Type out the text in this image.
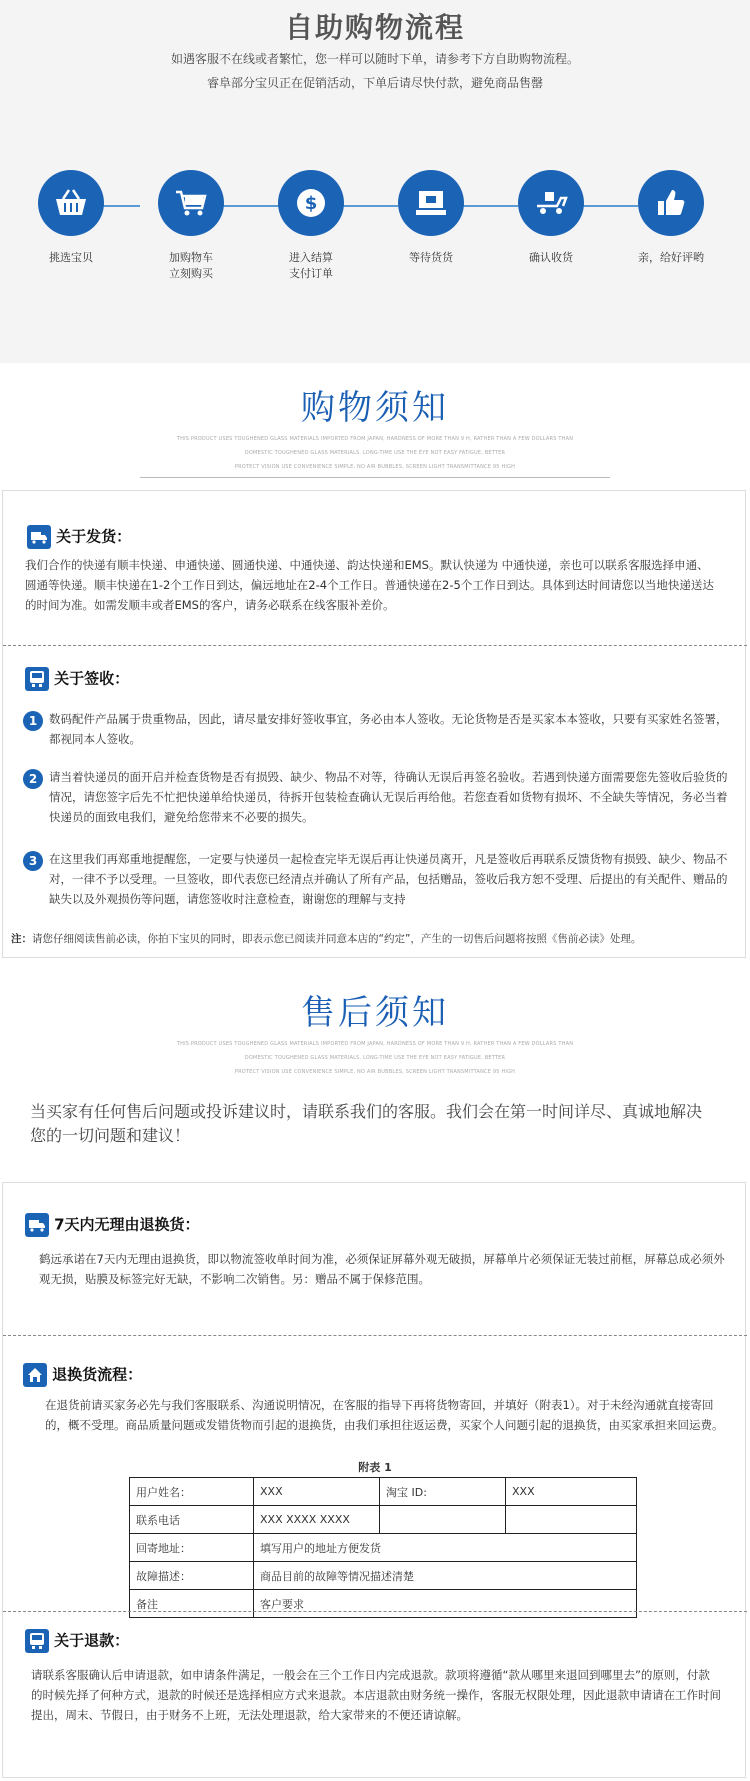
自助购物流程
如遇客服不在线或者繁忙，您一样可以随时下单，请参考下方自助购物流程。
睿阜部分宝贝正在促销活动，下单后请尽快付款，避免商品售罄
挑选宝贝	加购物车
立刻购买
$
进入结算
支付订单
等待货货	确认收货	亲，给好评哟
购物须知
THIS PRODUCT USES TOUGHENED GLASS MATERIALS IMPORTED FROM JAPAN, HARDNESS OF MORE THAN 9 H, RATHER THAN A FEW DOLLARS THAN
DOMESTIC TOUGHENED GLASS MATERIALS. LONG-TIME USE THE EYE NOT EASY FATIGUE, BETTER
PROTECT VISION USE CONVENIENCE SIMPLE, NO AIR BUBBLES, SCREEN LIGHT TRANSMITTANCE 95 HIGH
关于发货：
我们合作的快递有顺丰快递、申通快递、圆通快递、中通快递、韵达快递和EMS。默认快递为 中通快递，亲也可以联系客服选择申通、圆通等快递。顺丰快递在1-2个工作日到达，偏远地址在2-4个工作日。普通快递在2-5个工作日到达。具体到达时间请您以当地快递送达的时间为准。如需发顺丰或者EMS的客户，请务必联系在线客服补差价。
关于签收：
1	数码配件产品属于贵重物品，因此，请尽量安排好签收事宜，务必由本人签收。无论货物是否是买家本本签收，只要有买家姓名签署，都视同本人签收。
2	请当着快递员的面开启并检查货物是否有损毁、缺少、物品不对等，待确认无误后再签名验收。若遇到快递方面需要您先签收后验货的情况，请您签字后先不忙把快递单给快递员，待拆开包装检查确认无误后再给他。若您查看如货物有损坏、不全缺失等情况，务必当着快递员的面致电我们，避免给您带来不必要的损失。
3	在这里我们再郑重地提醒您，一定要与快递员一起检查完毕无误后再让快递员离开，凡是签收后再联系反馈货物有损毁、缺少、物品不对，一律不予以受理。一旦签收，即代表您已经清点并确认了所有产品，包括赠品，签收后我方恕不受理、后提出的有关配件、赠品的缺失以及外观损伤等问题，请您签收时注意检查，谢谢您的理解与支持
注：请您仔细阅读售前必读，你拍下宝贝的同时，即表示您已阅读并同意本店的“约定”，产生的一切售后问题将按照《售前必读》处理。
售后须知
THIS PRODUCT USES TOUGHENED GLASS MATERIALS IMPORTED FROM JAPAN, HARDNESS OF MORE THAN 9 H, RATHER THAN A FEW DOLLARS THAN
DOMESTIC TOUGHENED GLASS MATERIALS. LONG-TIME USE THE EYE NOT EASY FATIGUE, BETTER
PROTECT VISION USE CONVENIENCE SIMPLE, NO AIR BUBBLES, SCREEN LIGHT TRANSMITTANCE 95 HIGH
当买家有任何售后问题或投诉建议时，请联系我们的客服。我们会在第一时间详尽、真诚地解决您的一切问题和建议！
7天内无理由退换货：
鹤远承诺在7天内无理由退换货，即以物流签收单时间为准，必须保证屏幕外观无破损，屏幕单片必须保证无装过前框，屏幕总成必须外观无损，贴膜及标签完好无缺，不影响二次销售。另：赠品不属于保修范围。
退换货流程：
在退货前请买家务必先与我们客服联系、沟通说明情况，在客服的指导下再将货物寄回，并填好（附表1）。对于未经沟通就直接寄回的，概不受理。商品质量问题或发错货物而引起的退换货，由我们承担往返运费，买家个人问题引起的退换货，由买家承担来回运费。
附表 1
用户姓名：	XXX	淘宝 ID:	XXX
联系电话	XXX XXXX XXXX		
回寄地址：	填写用户的地址方便发货		
故障描述：	商品目前的故障等情况描述清楚		
备注	客户要求		
关于退款：
请联系客服确认后申请退款，如申请条件满足，一般会在三个工作日内完成退款。款项将遵循“款从哪里来退回到哪里去”的原则，付款的时候先择了何种方式，退款的时候还是选择相应方式来退款。本店退款由财务统一操作，客服无权限处理，因此退款申请请在工作时间提出，周末、节假日，由于财务不上班，无法处理退款，给大家带来的不便还请谅解。
